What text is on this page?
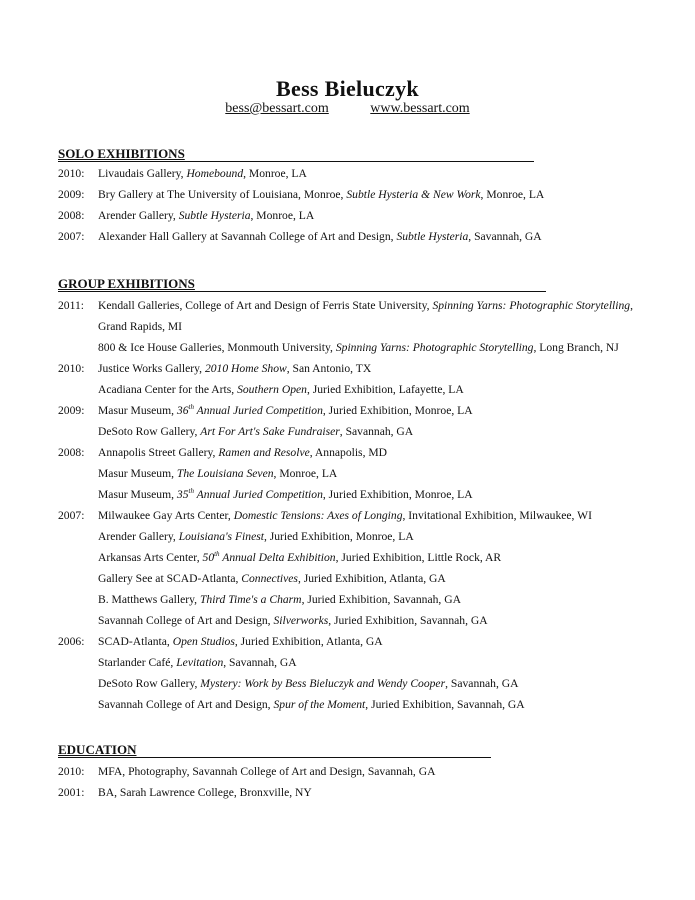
Bess Bieluczyk
bess@bessart.com	www.bessart.com
SOLO EXHIBITIONS
2010: Livaudais Gallery, Homebound, Monroe, LA
2009: Bry Gallery at The University of Louisiana, Monroe, Subtle Hysteria & New Work, Monroe, LA
2008: Arender Gallery, Subtle Hysteria, Monroe, LA
2007: Alexander Hall Gallery at Savannah College of Art and Design, Subtle Hysteria, Savannah, GA
GROUP EXHIBITIONS
2011: Kendall Galleries, College of Art and Design of Ferris State University, Spinning Yarns: Photographic Storytelling,
Grand Rapids, MI
800 & Ice House Galleries, Monmouth University, Spinning Yarns: Photographic Storytelling, Long Branch, NJ
2010: Justice Works Gallery, 2010 Home Show, San Antonio, TX
Acadiana Center for the Arts, Southern Open, Juried Exhibition, Lafayette, LA
2009: Masur Museum, 36th Annual Juried Competition, Juried Exhibition, Monroe, LA
DeSoto Row Gallery, Art For Art's Sake Fundraiser, Savannah, GA
2008: Annapolis Street Gallery, Ramen and Resolve, Annapolis, MD
Masur Museum, The Louisiana Seven, Monroe, LA
Masur Museum, 35th Annual Juried Competition, Juried Exhibition, Monroe, LA
2007: Milwaukee Gay Arts Center, Domestic Tensions: Axes of Longing, Invitational Exhibition, Milwaukee, WI
Arender Gallery, Louisiana's Finest, Juried Exhibition, Monroe, LA
Arkansas Arts Center, 50th Annual Delta Exhibition, Juried Exhibition, Little Rock, AR
Gallery See at SCAD-Atlanta, Connectives, Juried Exhibition, Atlanta, GA
B. Matthews Gallery, Third Time's a Charm, Juried Exhibition, Savannah, GA
Savannah College of Art and Design, Silverworks, Juried Exhibition, Savannah, GA
2006: SCAD-Atlanta, Open Studios, Juried Exhibition, Atlanta, GA
Starlander Café, Levitation, Savannah, GA
DeSoto Row Gallery, Mystery: Work by Bess Bieluczyk and Wendy Cooper, Savannah, GA
Savannah College of Art and Design, Spur of the Moment, Juried Exhibition, Savannah, GA
EDUCATION
2010: MFA, Photography, Savannah College of Art and Design, Savannah, GA
2001: BA, Sarah Lawrence College, Bronxville, NY
